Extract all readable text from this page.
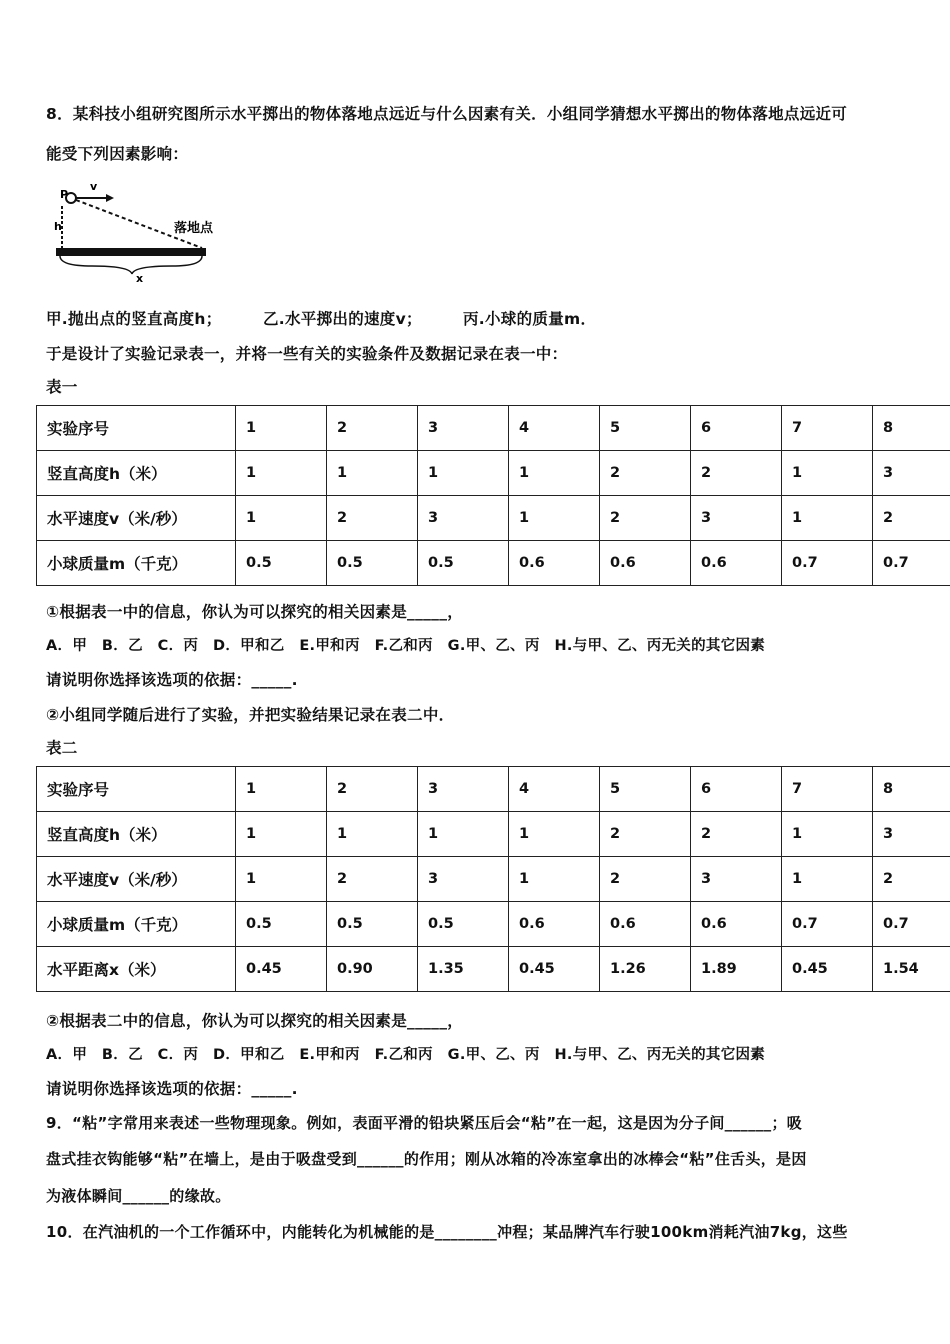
8．某科技小组研究图所示水平掷出的物体落地点远近与什么因素有关．小组同学猜想水平掷出的物体落地点远近可
能受下列因素影响：
v
P
h	落地点
x
甲.抛出点的竖直高度h；	乙.水平掷出的速度v；	丙.小球的质量m．
于是设计了实验记录表一，并将一些有关的实验条件及数据记录在表一中：
表一
实验序号	1	2	3	4	5	6	7	8
竖直高度h（米）	1	1	1	1	2	2	1	3
水平速度v（米/秒）	1	2	3	1	2	3	1	2
小球质量m（千克）	0.5	0.5	0.5	0.6	0.6	0.6	0.7	0.7
①根据表一中的信息，你认为可以探究的相关因素是_____，
A．甲　B．乙　C．丙　D．甲和乙　E.甲和丙　F.乙和丙　G.甲、乙、丙　H.与甲、乙、丙无关的其它因素
请说明你选择该选项的依据：_____.
②小组同学随后进行了实验，并把实验结果记录在表二中．
表二
实验序号	1	2	3	4	5	6	7	8
竖直高度h（米）	1	1	1	1	2	2	1	3
水平速度v（米/秒）	1	2	3	1	2	3	1	2
小球质量m（千克）	0.5	0.5	0.5	0.6	0.6	0.6	0.7	0.7
水平距离x（米）	0.45	0.90	1.35	0.45	1.26	1.89	0.45	1.54
②根据表二中的信息，你认为可以探究的相关因素是_____，
A．甲　B．乙　C．丙　D．甲和乙　E.甲和丙　F.乙和丙　G.甲、乙、丙　H.与甲、乙、丙无关的其它因素
请说明你选择该选项的依据：_____.
9．“粘”字常用来表述一些物理现象。例如，表面平滑的铅块紧压后会“粘”在一起，这是因为分子间______；吸
盘式挂衣钩能够“粘”在墙上，是由于吸盘受到______的作用；刚从冰箱的冷冻室拿出的冰棒会“粘”住舌头，是因
为液体瞬间______的缘故。
10．在汽油机的一个工作循环中，内能转化为机械能的是________冲程；某品牌汽车行驶100km消耗汽油7kg，这些
